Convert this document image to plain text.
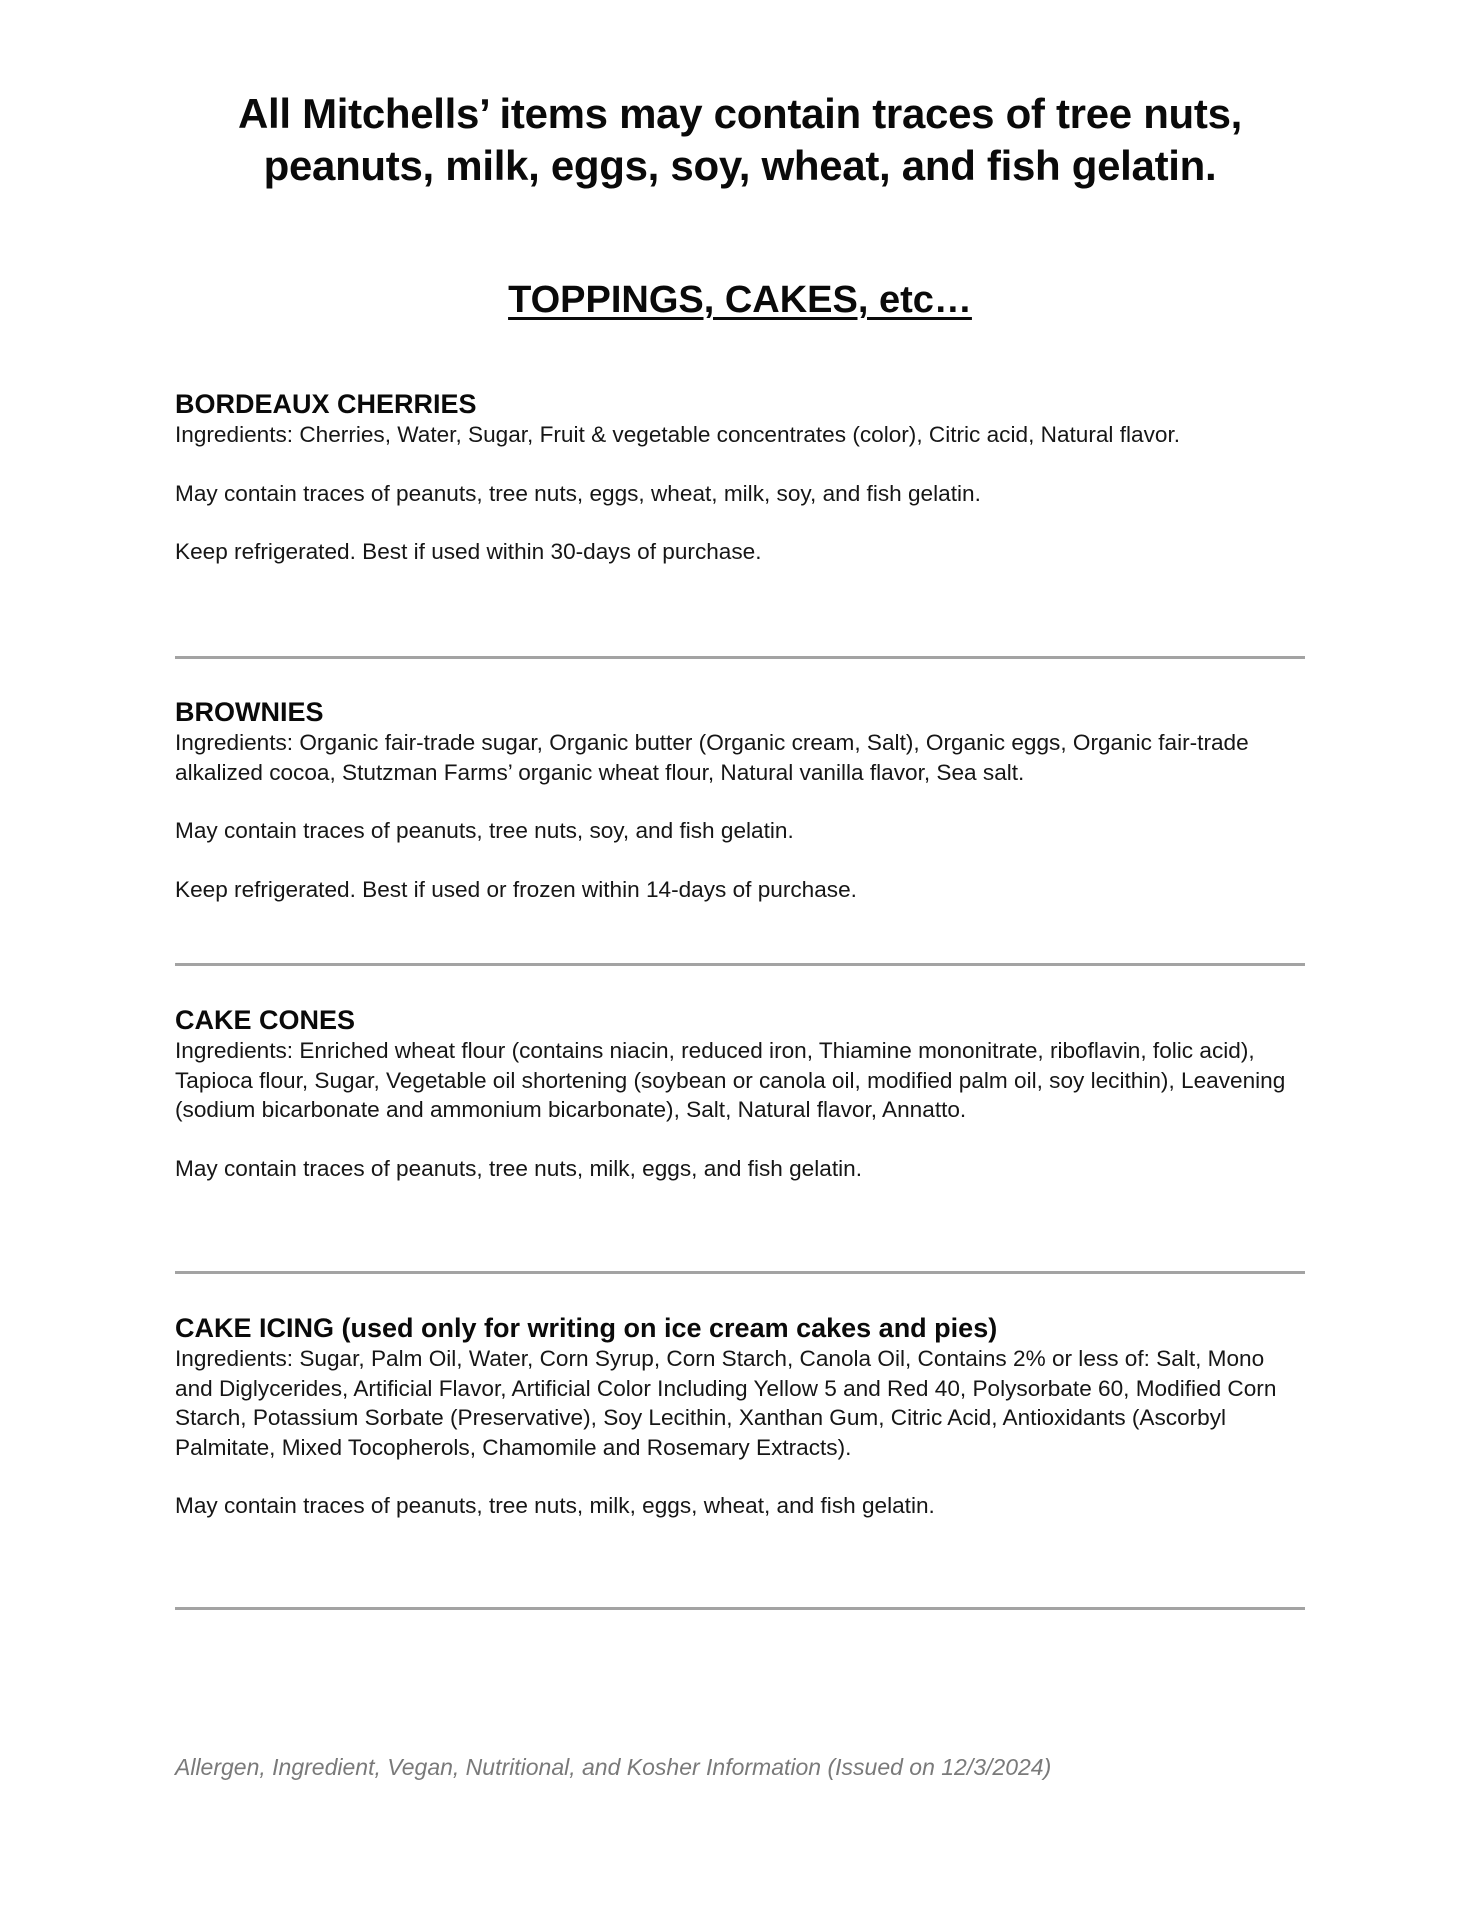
All Mitchells’ items may contain traces of tree nuts,
peanuts, milk, eggs, soy, wheat, and fish gelatin.
TOPPINGS, CAKES, etc…

BORDEAUX CHERRIES

Ingredients: Cherries, Water, Sugar, Fruit & vegetable concentrates (color), Citric acid, Natural flavor.

May contain traces of peanuts, tree nuts, eggs, wheat, milk, soy, and fish gelatin.

Keep refrigerated. Best if used within 30-days of purchase.

BROWNIES

Ingredients: Organic fair-trade sugar, Organic butter (Organic cream, Salt), Organic eggs, Organic fair-trade alkalized cocoa, Stutzman Farms’ organic wheat flour, Natural vanilla flavor, Sea salt.

May contain traces of peanuts, tree nuts, soy, and fish gelatin.

Keep refrigerated. Best if used or frozen within 14-days of purchase.

CAKE CONES

Ingredients: Enriched wheat flour (contains niacin, reduced iron, Thiamine mononitrate, riboflavin, folic acid), Tapioca flour, Sugar, Vegetable oil shortening (soybean or canola oil, modified palm oil, soy lecithin), Leavening (sodium bicarbonate and ammonium bicarbonate), Salt, Natural flavor, Annatto.

May contain traces of peanuts, tree nuts, milk, eggs, and fish gelatin.

CAKE ICING (used only for writing on ice cream cakes and pies)

Ingredients: Sugar, Palm Oil, Water, Corn Syrup, Corn Starch, Canola Oil, Contains 2% or less of: Salt, Mono and Diglycerides, Artificial Flavor, Artificial Color Including Yellow 5 and Red 40, Polysorbate 60, Modified Corn Starch, Potassium Sorbate (Preservative), Soy Lecithin, Xanthan Gum, Citric Acid, Antioxidants (Ascorbyl Palmitate, Mixed Tocopherols, Chamomile and Rosemary Extracts).

May contain traces of peanuts, tree nuts, milk, eggs, wheat, and fish gelatin.

Allergen, Ingredient, Vegan, Nutritional, and Kosher Information (Issued on 12/3/2024)
